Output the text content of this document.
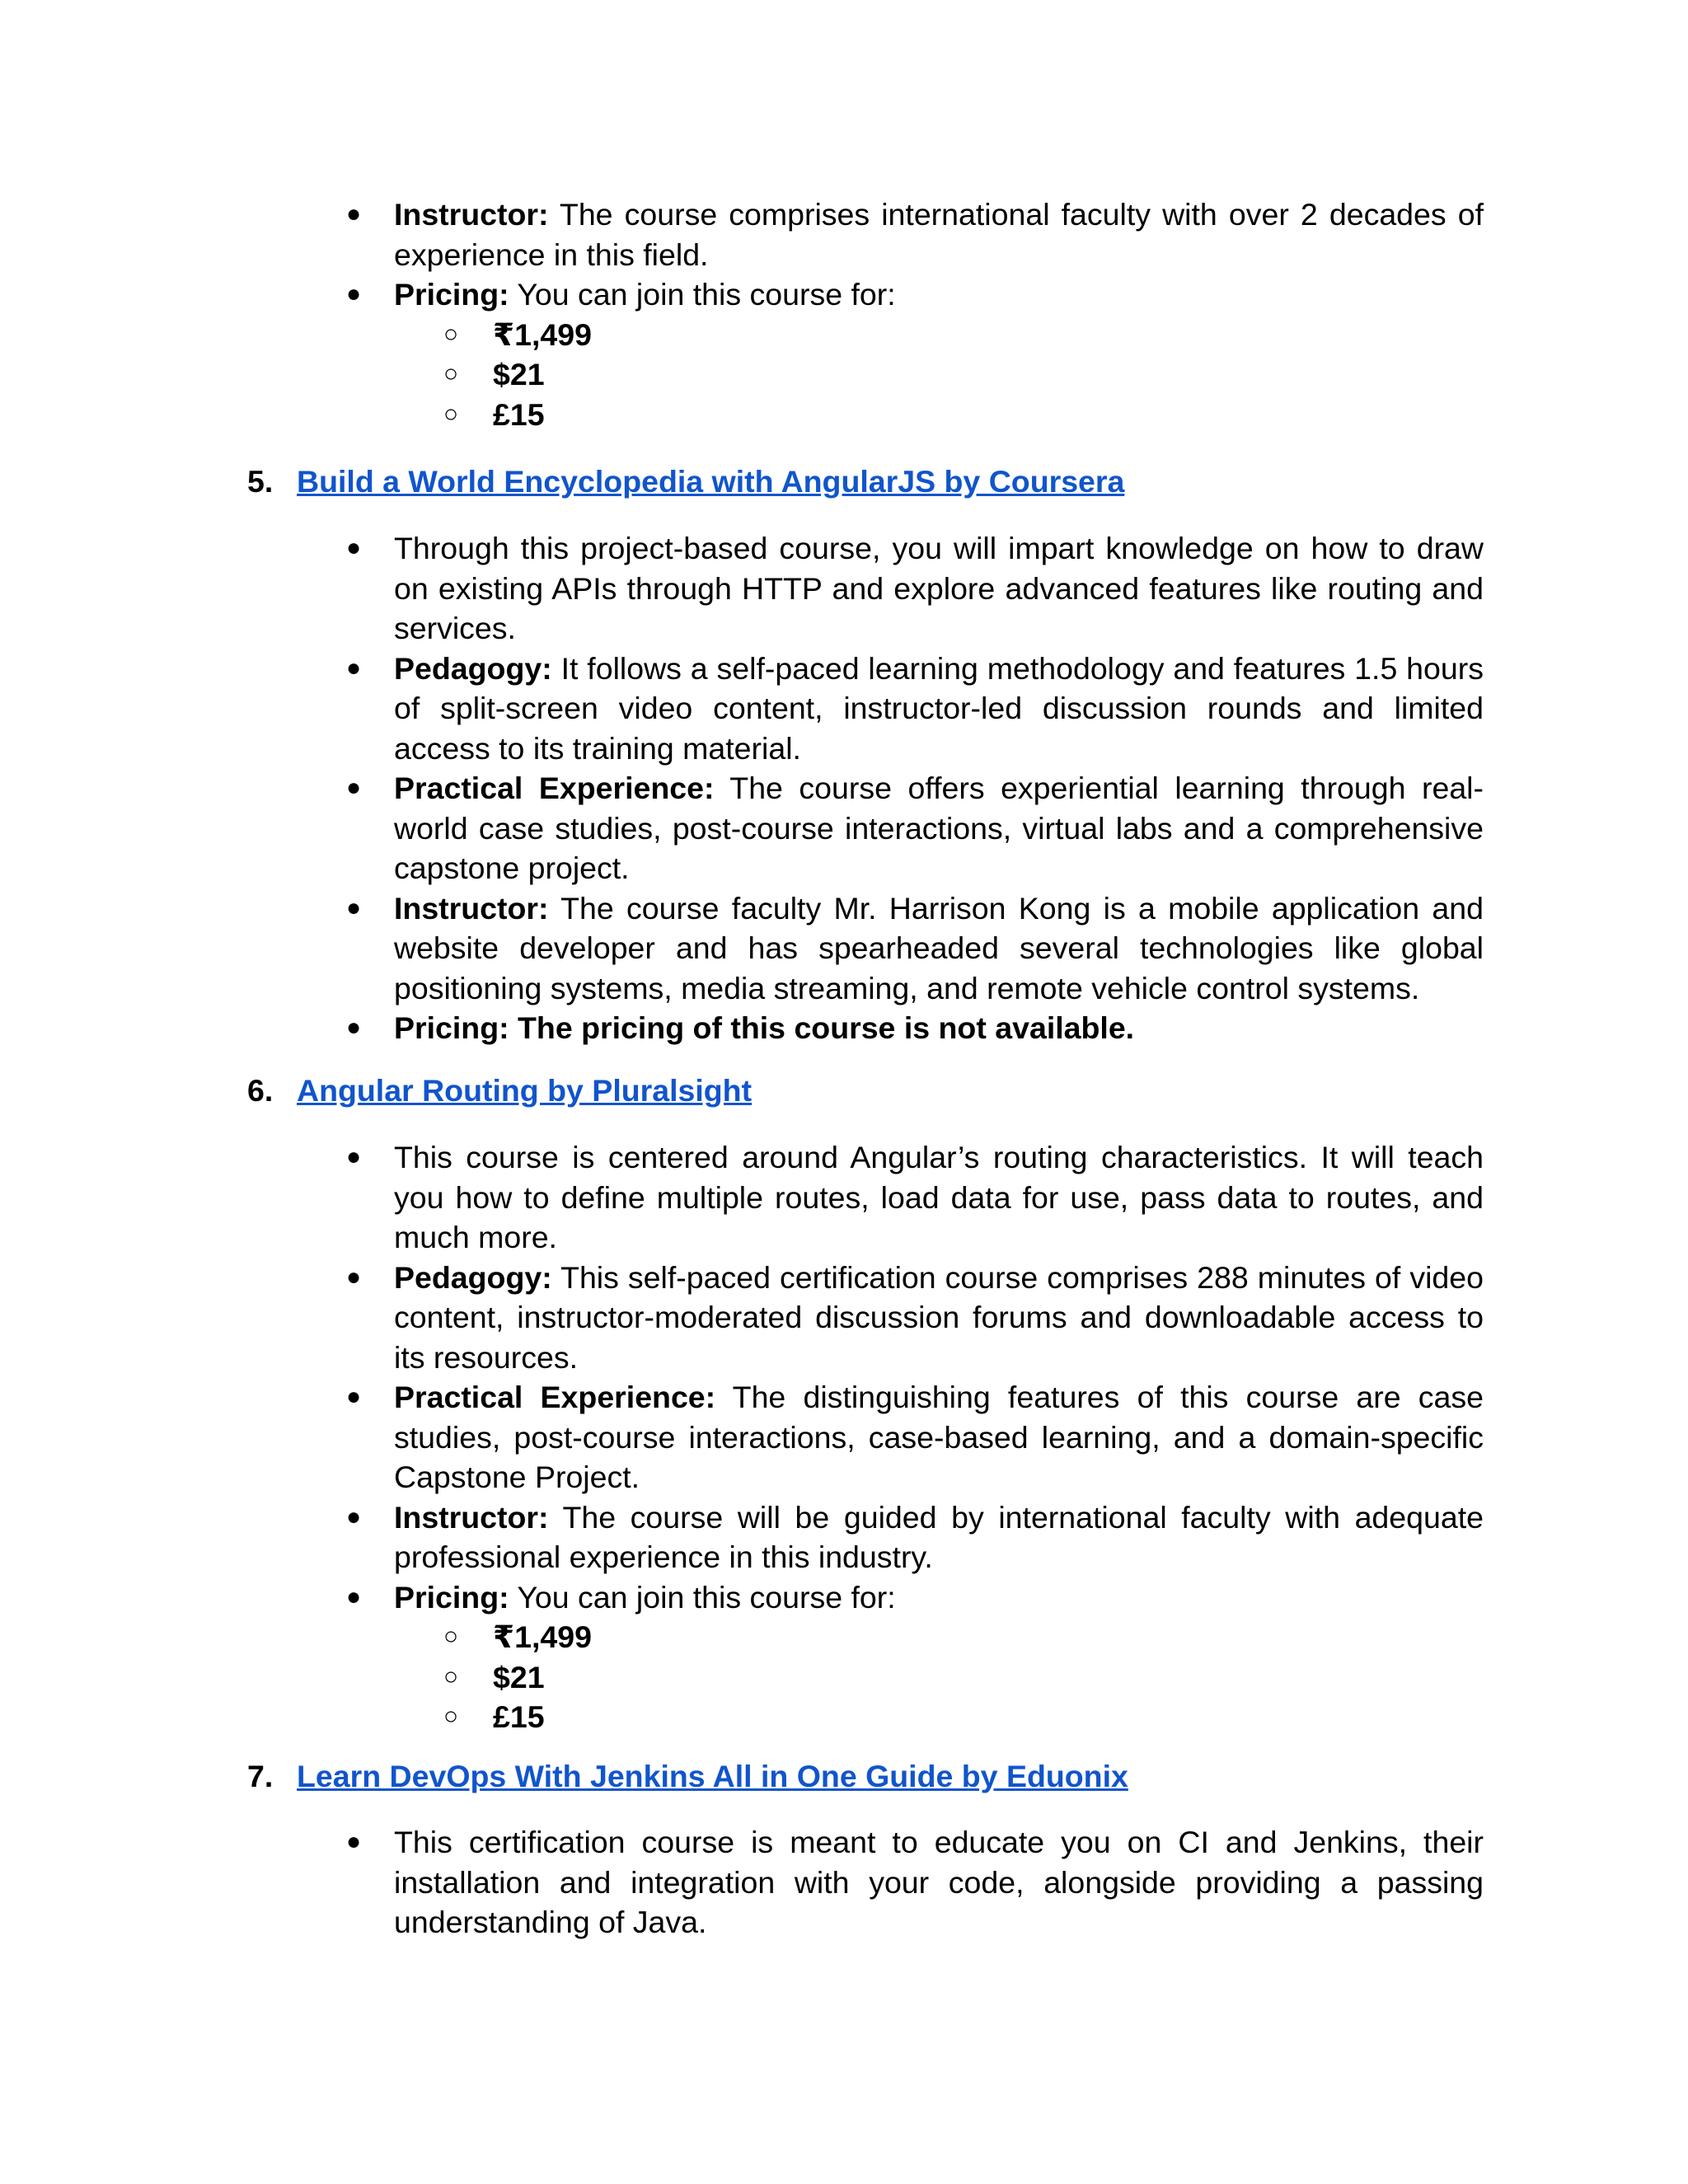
● Instructor: The course comprises international faculty with over 2 decades of experience in this field.
● Pricing: You can join this course for:
○ ₹1,499
○ $21
○ £15
5. Build a World Encyclopedia with AngularJS by Coursera
● Through this project-based course, you will impart knowledge on how to draw on existing APIs through HTTP and explore advanced features like routing and services.
● Pedagogy: It follows a self-paced learning methodology and features 1.5 hours of split-screen video content, instructor-led discussion rounds and limited access to its training material.
● Practical Experience: The course offers experiential learning through real-world case studies, post-course interactions, virtual labs and a comprehensive capstone project.
● Instructor: The course faculty Mr. Harrison Kong is a mobile application and website developer and has spearheaded several technologies like global positioning systems, media streaming, and remote vehicle control systems.
● Pricing: The pricing of this course is not available.
6. Angular Routing by Pluralsight
● This course is centered around Angular’s routing characteristics. It will teach you how to define multiple routes, load data for use, pass data to routes, and much more.
● Pedagogy: This self-paced certification course comprises 288 minutes of video content, instructor-moderated discussion forums and downloadable access to its resources.
● Practical Experience: The distinguishing features of this course are case studies, post-course interactions, case-based learning, and a domain-specific Capstone Project.
● Instructor: The course will be guided by international faculty with adequate professional experience in this industry.
● Pricing: You can join this course for:
○ ₹1,499
○ $21
○ £15
7. Learn DevOps With Jenkins All in One Guide by Eduonix
● This certification course is meant to educate you on CI and Jenkins, their installation and integration with your code, alongside providing a passing understanding of Java.
